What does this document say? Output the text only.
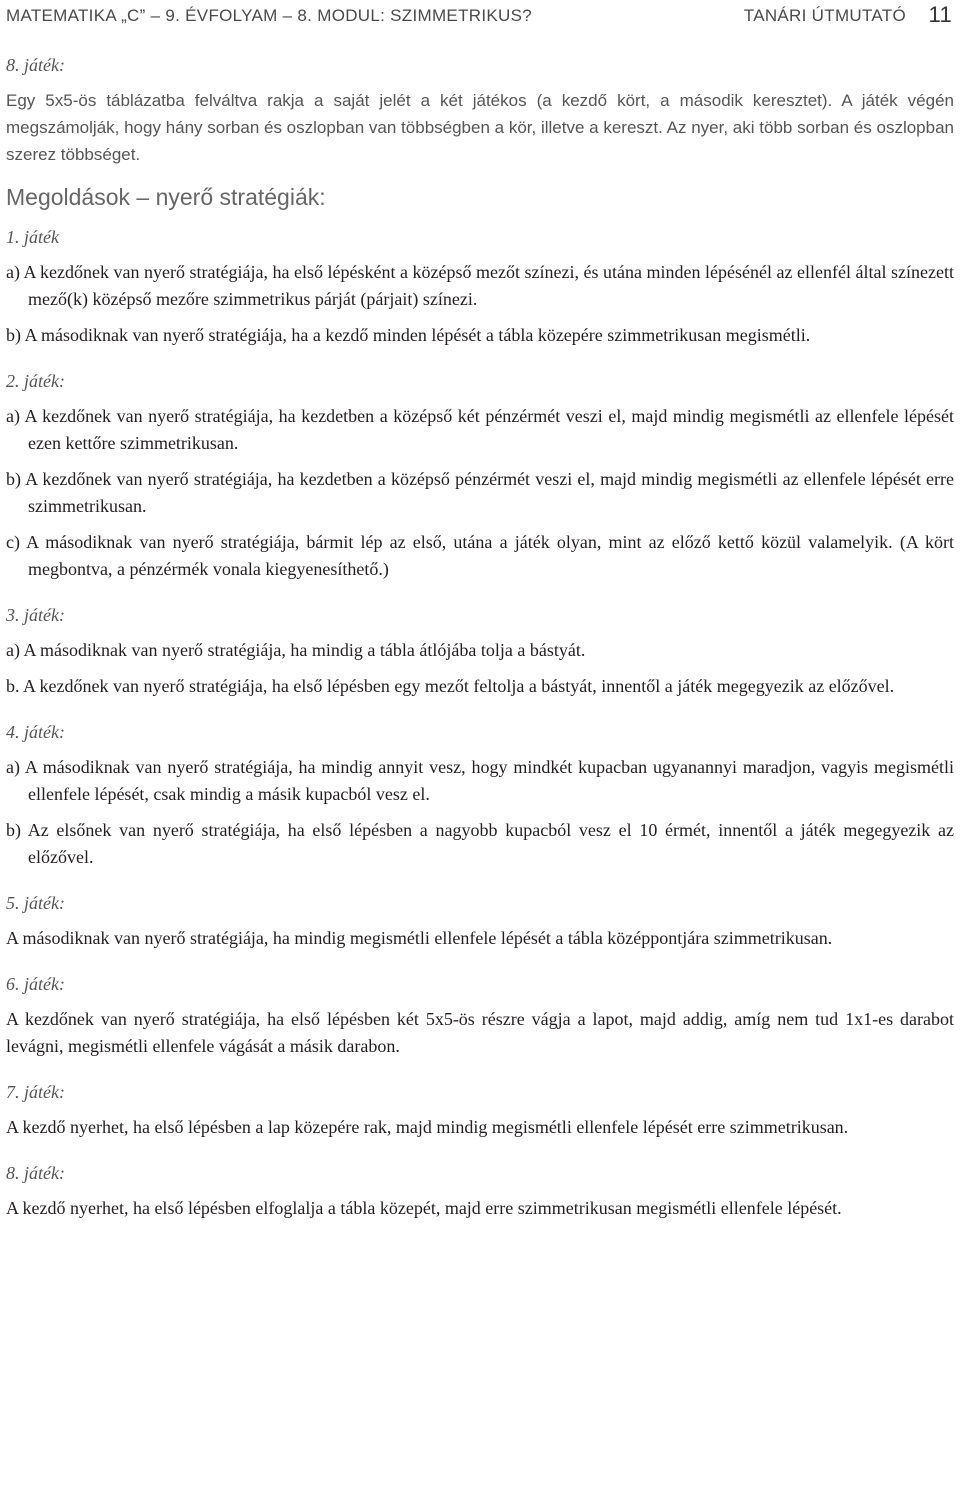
MATEMATIKA „C” – 9. ÉVFOLYAM – 8. MODUL: SZIMMETRIKUS?	TANÁRI ÚTMUTATÓ 11
8. játék:

Egy 5x5-ös táblázatba felváltva rakja a saját jelét a két játékos (a kezdő kört, a második keresztet). A játék végén megszámolják, hogy hány sorban és oszlopban van többségben a kör, illetve a kereszt. Az nyer, aki több sorban és oszlopban szerez többséget.

Megoldások – nyerő stratégiák:
1. játék

a) A kezdőnek van nyerő stratégiája, ha első lépésként a középső mezőt színezi, és utána minden lépésénél az ellenfél által színezett mező(k) középső mezőre szimmetrikus párját (párjait) színezi.

b) A másodiknak van nyerő stratégiája, ha a kezdő minden lépését a tábla közepére szimmetrikusan megismétli.

2. játék:

a) A kezdőnek van nyerő stratégiája, ha kezdetben a középső két pénzérmét veszi el, majd mindig megismétli az ellenfele lépését ezen kettőre szimmetrikusan.

b) A kezdőnek van nyerő stratégiája, ha kezdetben a középső pénzérmét veszi el, majd mindig megismétli az ellenfele lépését erre szimmetrikusan.

c) A másodiknak van nyerő stratégiája, bármit lép az első, utána a játék olyan, mint az előző kettő közül valamelyik. (A kört megbontva, a pénzérmék vonala kiegyenesíthető.)

3. játék:

a) A másodiknak van nyerő stratégiája, ha mindig a tábla átlójába tolja a bástyát.

b. A kezdőnek van nyerő stratégiája, ha első lépésben egy mezőt feltolja a bástyát, innentől a játék megegyezik az előzővel.

4. játék:

a) A másodiknak van nyerő stratégiája, ha mindig annyit vesz, hogy mindkét kupacban ugyanannyi maradjon, vagyis megismétli ellenfele lépését, csak mindig a másik kupacból vesz el.

b) Az elsőnek van nyerő stratégiája, ha első lépésben a nagyobb kupacból vesz el 10 érmét, innentől a játék megegyezik az előzővel.

5. játék:

A másodiknak van nyerő stratégiája, ha mindig megismétli ellenfele lépését a tábla középpontjára szimmetrikusan.

6. játék:

A kezdőnek van nyerő stratégiája, ha első lépésben két 5x5-ös részre vágja a lapot, majd addig, amíg nem tud 1x1-es darabot levágni, megismétli ellenfele vágását a másik darabon.

7. játék:

A kezdő nyerhet, ha első lépésben a lap közepére rak, majd mindig megismétli ellenfele lépését erre szimmetrikusan.

8. játék:

A kezdő nyerhet, ha első lépésben elfoglalja a tábla közepét, majd erre szimmetrikusan megismétli ellenfele lépését.
